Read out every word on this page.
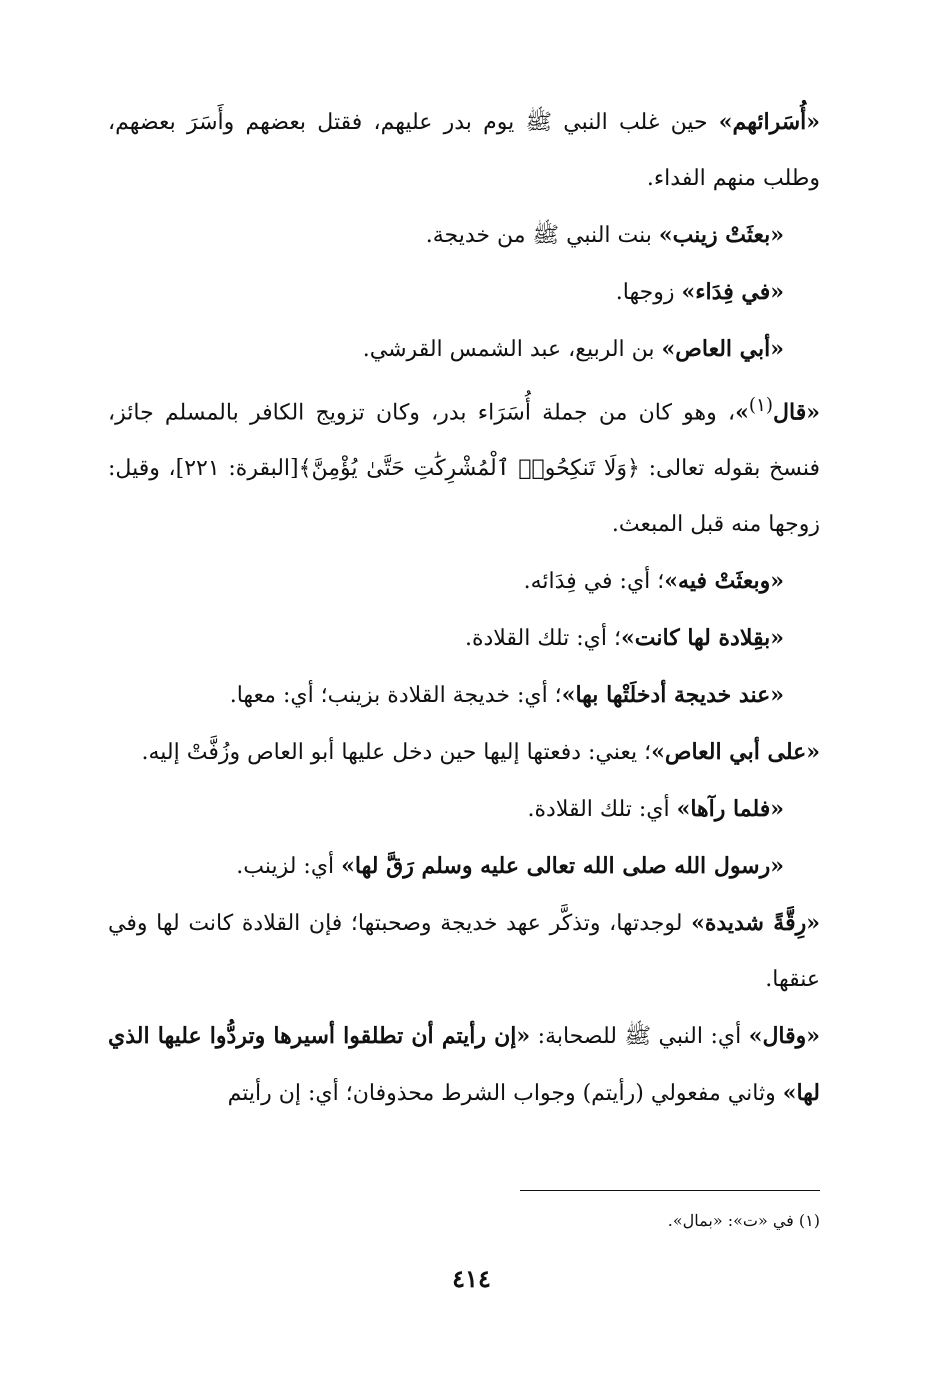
«أُسَرائهم» حين غلب النبي ﷺ يوم بدر عليهم، فقتل بعضهم وأَسَرَ بعضهم، وطلب منهم الفداء.

«بعثَتْ زينب» بنت النبي ﷺ من خديجة.

«في فِدَاء» زوجها.

«أبي العاص» بن الربيع، عبد الشمس القرشي.

«قال$^{(١)}$»، وهو كان من جملة أُسَرَاء بدر، وكان تزويج الكافر بالمسلم جائز، فنسخ بقوله تعالى: ﴿وَلَا تَنكِحُوا۟ ٱلْمُشْرِكَٰتِ حَتَّىٰ يُؤْمِنَّ﴾[البقرة: ٢٢١]، وقيل: زوجها منه قبل المبعث.

«وبعثَتْ فيه»؛ أي: في فِدَائه.

«بقِلادة لها كانت»؛ أي: تلك القلادة.

«عند خديجة أدخلَتْها بها»؛ أي: خديجة القلادة بزينب؛ أي: معها.

«على أبي العاص»؛ يعني: دفعتها إليها حين دخل عليها أبو العاص وزُفَّتْ إليه.

«فلما رآها» أي: تلك القلادة.

«رسول الله صلى الله تعالى عليه وسلم رَقَّ لها» أي: لزينب.

«رِقَّةً شديدة» لوجدتها، وتذكَّر عهد خديجة وصحبتها؛ فإن القلادة كانت لها وفي عنقها.

«وقال» أي: النبي ﷺ للصحابة: «إن رأيتم أن تطلقوا أسيرها وتردُّوا عليها الذي لها» وثاني مفعولي (رأيتم) وجواب الشرط محذوفان؛ أي: إن رأيتم

(١) في «ت»: «بمال».
٤١٤
